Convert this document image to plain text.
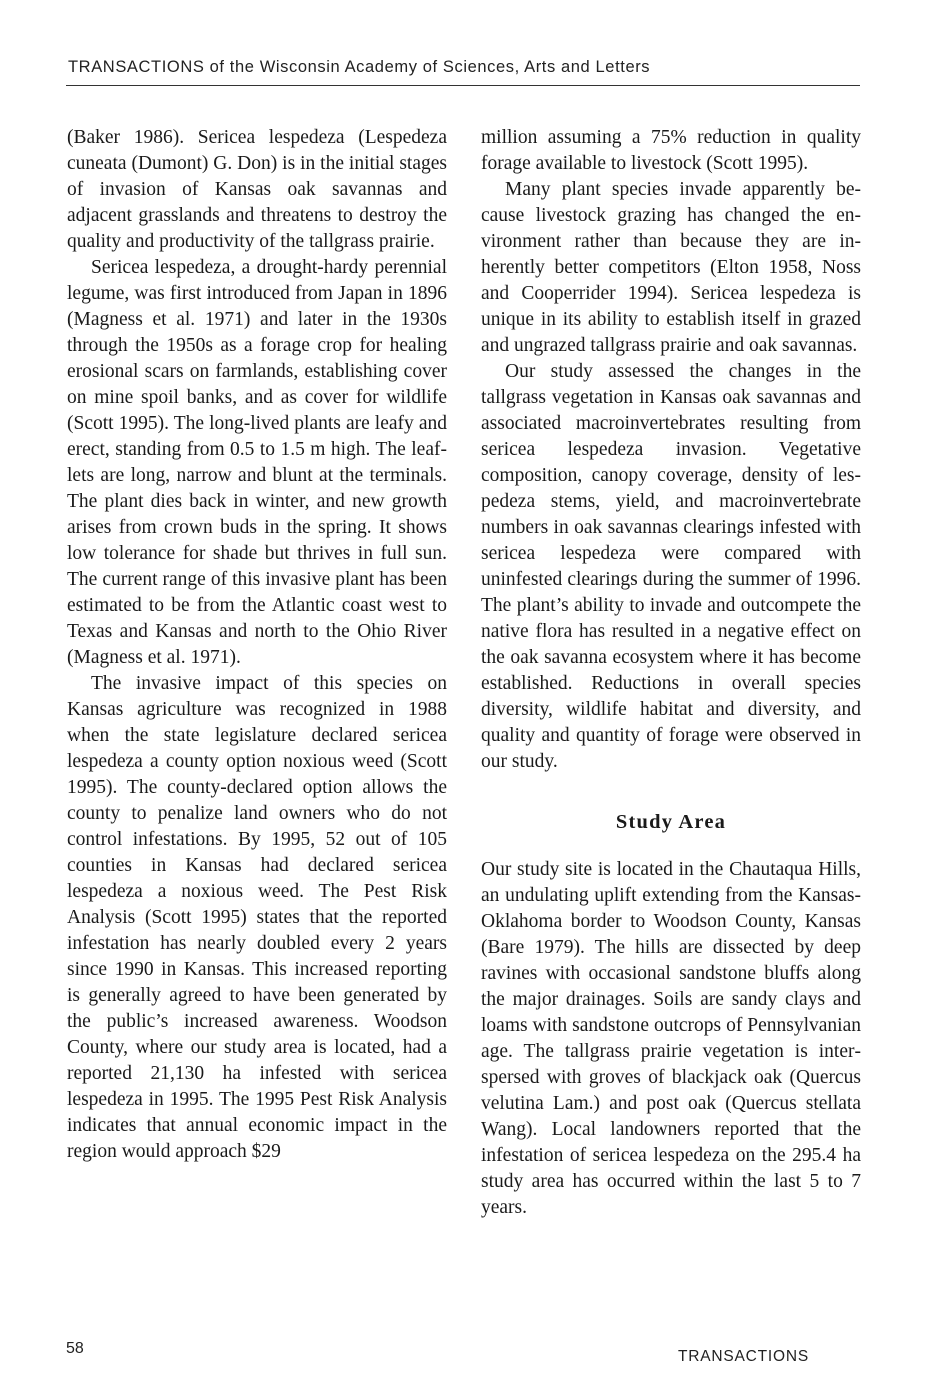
TRANSACTIONS of the Wisconsin Academy of Sciences, Arts and Letters

(Baker 1986). Sericea lespedeza (Lespedeza cuneata (Dumont) G. Don) is in the initial stages of invasion of Kansas oak savannas and adjacent grasslands and threatens to destroy the quality and productivity of the tallgrass prairie.

Sericea lespedeza, a drought-hardy perennial legume, was first introduced from Japan in 1896 (Magness et al. 1971) and later in the 1930s through the 1950s as a forage crop for healing erosional scars on farmlands, establishing cover on mine spoil banks, and as cover for wildlife (Scott 1995). The long-lived plants are leafy and erect, standing from 0.5 to 1.5 m high. The leaflets are long, narrow and blunt at the terminals. The plant dies back in winter, and new growth arises from crown buds in the spring. It shows low tolerance for shade but thrives in full sun. The current range of this invasive plant has been estimated to be from the Atlantic coast west to Texas and Kansas and north to the Ohio River (Magness et al. 1971).

The invasive impact of this species on Kansas agriculture was recognized in 1988 when the state legislature declared sericea lespedeza a county option noxious weed (Scott 1995). The county-declared option allows the county to penalize land owners who do not control infestations. By 1995, 52 out of 105 counties in Kansas had declared sericea lespedeza a noxious weed. The Pest Risk Analysis (Scott 1995) states that the reported infestation has nearly doubled every 2 years since 1990 in Kansas. This increased reporting is generally agreed to have been generated by the public’s increased awareness. Woodson County, where our study area is located, had a reported 21,130 ha infested with sericea lespedeza in 1995. The 1995 Pest Risk Analysis indicates that annual economic impact in the region would approach $29

million assuming a 75% reduction in quality forage available to livestock (Scott 1995).

Many plant species invade apparently because livestock grazing has changed the environment rather than because they are inherently better competitors (Elton 1958, Noss and Cooperrider 1994). Sericea lespedeza is unique in its ability to establish itself in grazed and ungrazed tallgrass prairie and oak savannas.

Our study assessed the changes in the tallgrass vegetation in Kansas oak savannas and associated macroinvertebrates resulting from sericea lespedeza invasion. Vegetative composition, canopy coverage, density of lespedeza stems, yield, and macroinvertebrate numbers in oak savannas clearings infested with sericea lespedeza were compared with uninfested clearings during the summer of 1996. The plant’s ability to invade and outcompete the native flora has resulted in a negative effect on the oak savanna ecosystem where it has become established. Reductions in overall species diversity, wildlife habitat and diversity, and quality and quantity of forage were observed in our study.

Study Area

Our study site is located in the Chautaqua Hills, an undulating uplift extending from the Kansas-Oklahoma border to Woodson County, Kansas (Bare 1979). The hills are dissected by deep ravines with occasional sandstone bluffs along the major drainages. Soils are sandy clays and loams with sandstone outcrops of Pennsylvanian age. The tallgrass prairie vegetation is interspersed with groves of blackjack oak (Quercus velutina Lam.) and post oak (Quercus stellata Wang). Local landowners reported that the infestation of sericea lespedeza on the 295.4 ha study area has occurred within the last 5 to 7 years.

58	TRANSACTIONS
